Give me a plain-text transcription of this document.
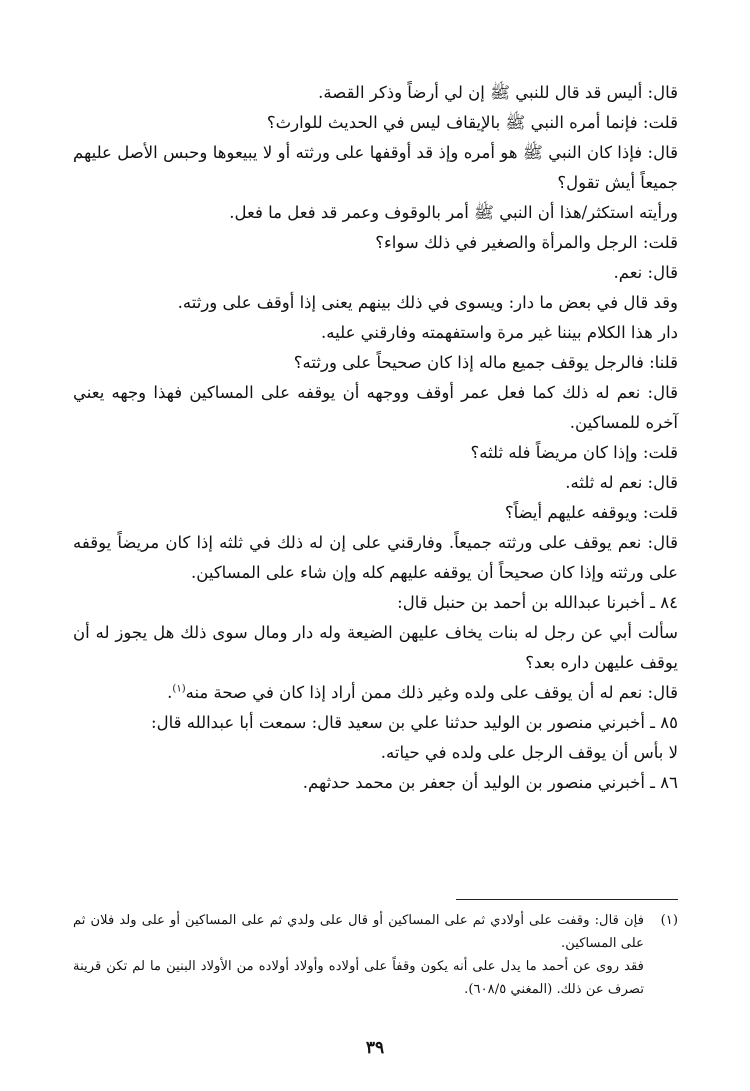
قال: أليس قد قال للنبي ﷺ إن لي أرضاً وذكر القصة.

قلت: فإنما أمره النبي ﷺ بالإيقاف ليس في الحديث للوارث؟

قال: فإذا كان النبي ﷺ هو أمره وإذ قد أوقفها على ورثته أو لا يبيعوها وحبس الأصل عليهم جميعاً أيش تقول؟

ورأيته استكثر/هذا أن النبي ﷺ أمر بالوقوف وعمر قد فعل ما فعل.

قلت: الرجل والمرأة والصغير في ذلك سواء؟

قال: نعم.

وقد قال في بعض ما دار: ويسوى في ذلك بينهم يعنى إذا أوقف على ورثته.

دار هذا الكلام بيننا غير مرة واستفهمته وفارقني عليه.

قلنا: فالرجل يوقف جميع ماله إذا كان صحيحاً على ورثته؟

قال: نعم له ذلك كما فعل عمر أوقف ووجهه أن يوقفه على المساكين فهذا وجهه يعني آخره للمساكين.

قلت: وإذا كان مريضاً فله ثلثه؟

قال: نعم له ثلثه.

قلت: ويوقفه عليهم أيضاً؟

قال: نعم يوقف على ورثته جميعاً. وفارقني على إن له ذلك في ثلثه إذا كان مريضاً يوقفه على ورثته وإذا كان صحيحاً أن يوقفه عليهم كله وإن شاء على المساكين.

٨٤ ـ أخبرنا عبدالله بن أحمد بن حنبل قال:

سألت أبي عن رجل له بنات يخاف عليهن الضيعة وله دار ومال سوى ذلك هل يجوز له أن يوقف عليهن داره بعد؟

قال: نعم له أن يوقف على ولده وغير ذلك ممن أراد إذا كان في صحة منه$^{(١)}$.

٨٥ ـ أخبرني منصور بن الوليد حدثنا علي بن سعيد قال: سمعت أبا عبدالله قال:

لا بأس أن يوقف الرجل على ولده في حياته.

٨٦ ـ أخبرني منصور بن الوليد أن جعفر بن محمد حدثهم.

(١)
فإن قال: وقفت على أولادي ثم على المساكين أو قال على ولدي ثم على المساكين أو على ولد فلان ثم على المساكين.
فقد روى عن أحمد ما يدل على أنه يكون وقفاً على أولاده وأولاد أولاده من الأولاد البنين ما لم تكن قرينة تصرف عن ذلك. (المغني ٦٠٨/٥).
٣٩
